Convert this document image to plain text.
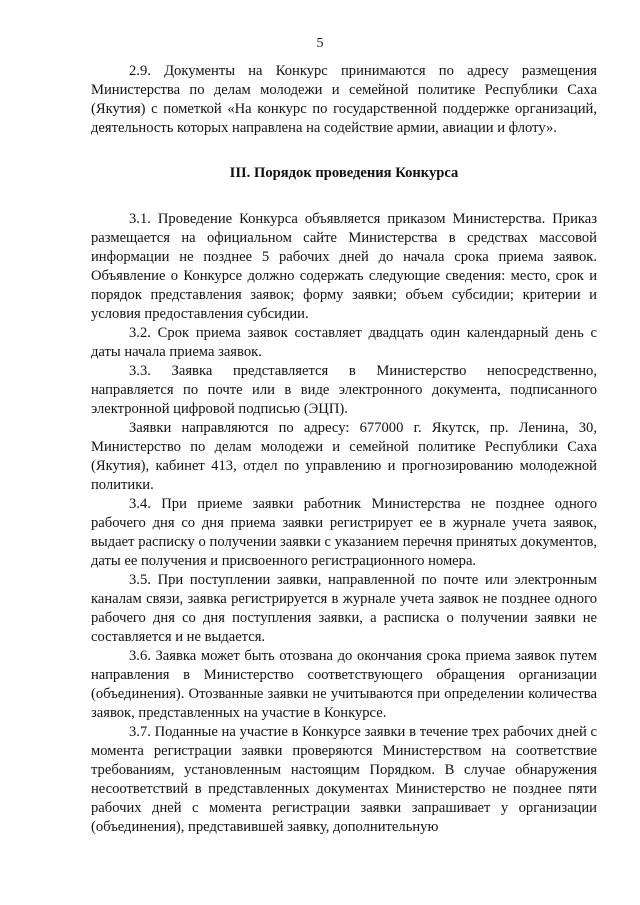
5

2.9. Документы на Конкурс принимаются по адресу размещения Министерства по делам молодежи и семейной политике Республики Саха (Якутия) с пометкой «На конкурс по государственной поддержке организаций, деятельность которых направлена на содействие армии, авиации и флоту».

III. Порядок проведения Конкурса

3.1. Проведение Конкурса объявляется приказом Министерства. Приказ размещается на официальном сайте Министерства в средствах массовой информации не позднее 5 рабочих дней до начала срока приема заявок. Объявление о Конкурсе должно содержать следующие сведения: место, срок и порядок представления заявок; форму заявки; объем субсидии; критерии и условия предоставления субсидии.

3.2. Срок приема заявок составляет двадцать один календарный день с даты начала приема заявок.

3.3. Заявка представляется в Министерство непосредственно, направляется по почте или в виде электронного документа, подписанного электронной цифровой подписью (ЭЦП).

Заявки направляются по адресу: 677000 г. Якутск, пр. Ленина, 30, Министерство по делам молодежи и семейной политике Республики Саха (Якутия), кабинет 413, отдел по управлению и прогнозированию молодежной политики.

3.4. При приеме заявки работник Министерства не позднее одного рабочего дня со дня приема заявки регистрирует ее в журнале учета заявок, выдает расписку о получении заявки с указанием перечня принятых документов, даты ее получения и присвоенного регистрационного номера.

3.5. При поступлении заявки, направленной по почте или электронным каналам связи, заявка регистрируется в журнале учета заявок не позднее одного рабочего дня со дня поступления заявки, а расписка о получении заявки не составляется и не выдается.

3.6. Заявка может быть отозвана до окончания срока приема заявок путем направления в Министерство соответствующего обращения организации (объединения). Отозванные заявки не учитываются при определении количества заявок, представленных на участие в Конкурсе.

3.7. Поданные на участие в Конкурсе заявки в течение трех рабочих дней с момента регистрации заявки проверяются Министерством на соответствие требованиям, установленным настоящим Порядком. В случае обнаружения несоответствий в представленных документах Министерство не позднее пяти рабочих дней с момента регистрации заявки запрашивает у организации (объединения), представившей заявку, дополнительную
